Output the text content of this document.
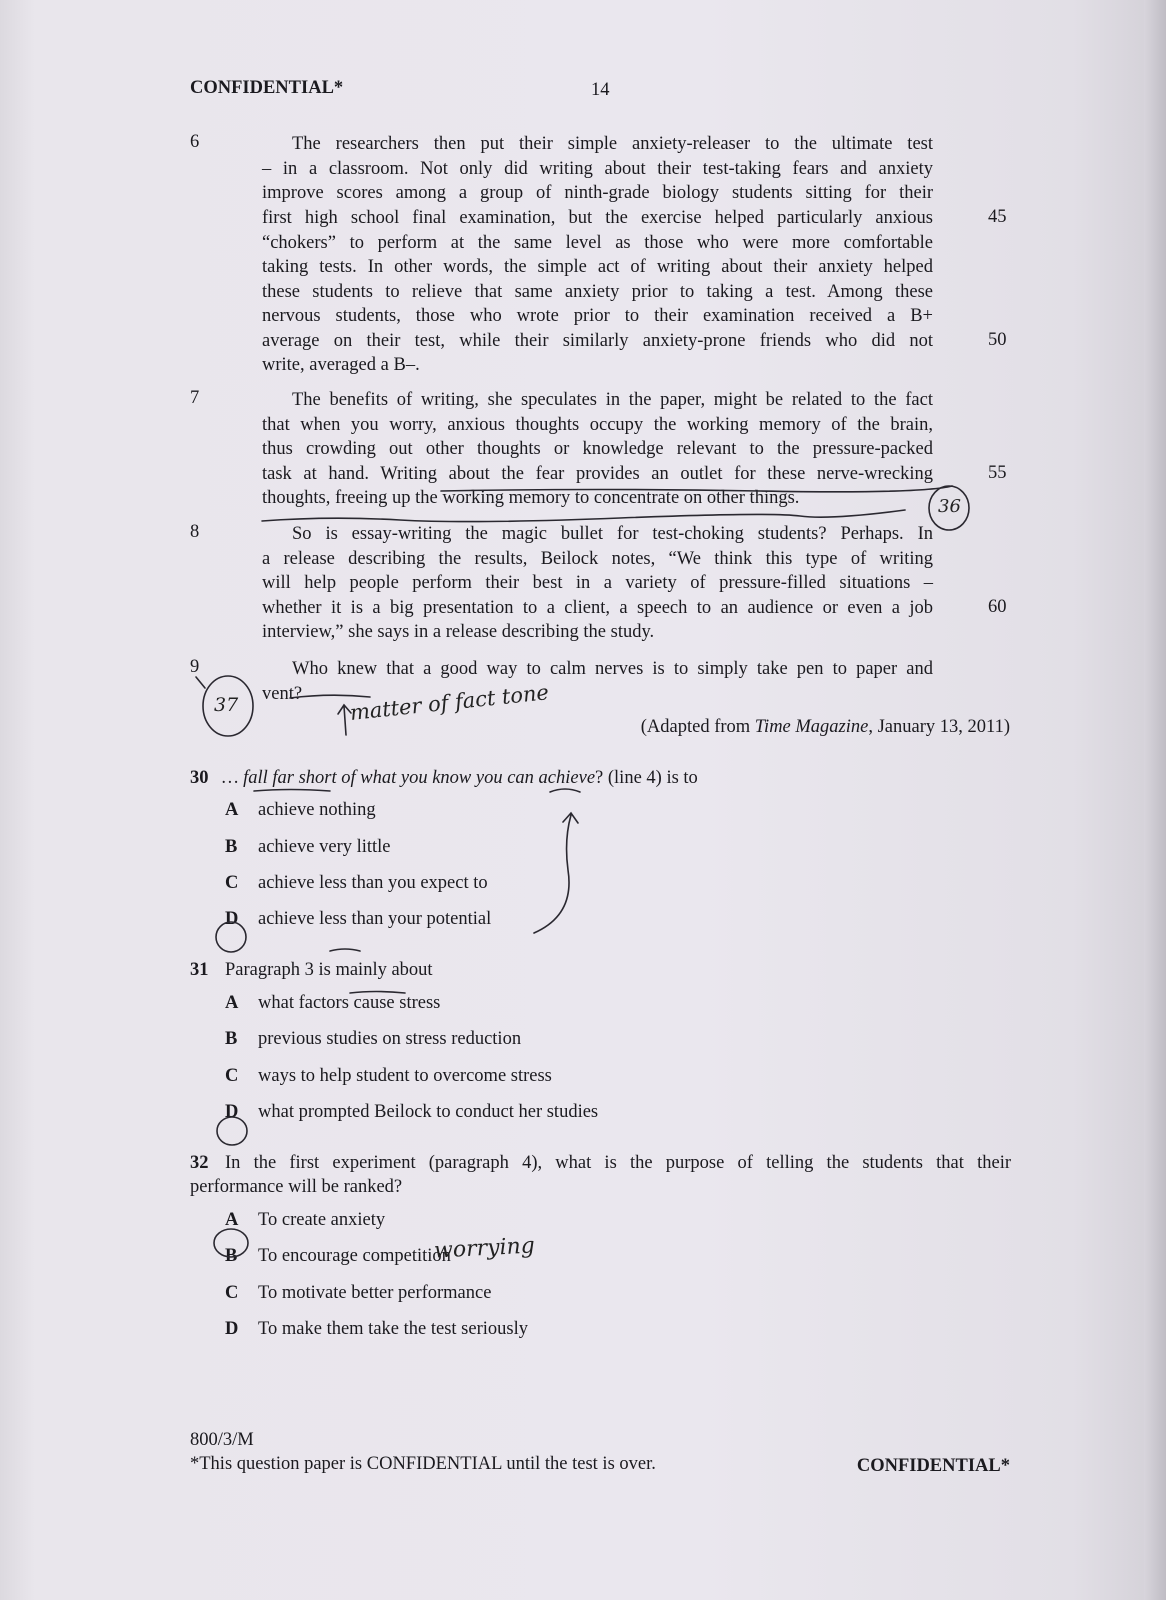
CONFIDENTIAL*	14
6	The researchers then put their simple anxiety-releaser to the ultimate test
– in a classroom. Not only did writing about their test-taking fears and anxiety
improve scores among a group of ninth-grade biology students sitting for their
first high school final examination, but the exercise helped particularly anxious
“chokers” to perform at the same level as those who were more comfortable
taking tests. In other words, the simple act of writing about their anxiety helped
these students to relieve that same anxiety prior to taking a test. Among these
nervous students, those who wrote prior to their examination received a B+
average on their test, while their similarly anxiety-prone friends who did not
write, averaged a B–.
7	The benefits of writing, she speculates in the paper, might be related to the fact
that when you worry, anxious thoughts occupy the working memory of the brain,
thus crowding out other thoughts or knowledge relevant to the pressure-packed
task at hand. Writing about the fear provides an outlet for these nerve-wrecking
thoughts, freeing up the working memory to concentrate on other things.
8	So is essay-writing the magic bullet for test-choking students? Perhaps. In
a release describing the results, Beilock notes, “We think this type of writing
will help people perform their best in a variety of pressure-filled situations –
whether it is a big presentation to a client, a speech to an audience or even a job
interview,” she says in a release describing the study.
9	Who knew that a good way to calm nerves is to simply take pen to paper and
vent?
45
50
55
60
(Adapted from Time Magazine, January 13, 2011)
30 … fall far short of what you know you can achieve? (line 4) is to
A achieve nothing
B achieve very little
C achieve less than you expect to
D achieve less than your potential
31 Paragraph 3 is mainly about
A what factors cause stress
B previous studies on stress reduction
C ways to help student to overcome stress
D what prompted Beilock to conduct her studies
32 In the first experiment (paragraph 4), what is the purpose of telling the students that their
performance will be ranked?
A To create anxiety
B To encourage competition
C To motivate better performance
D To make them take the test seriously
800/3/M
*This question paper is CONFIDENTIAL until the test is over.	CONFIDENTIAL*
36
37	matter of fact tone
worrying
